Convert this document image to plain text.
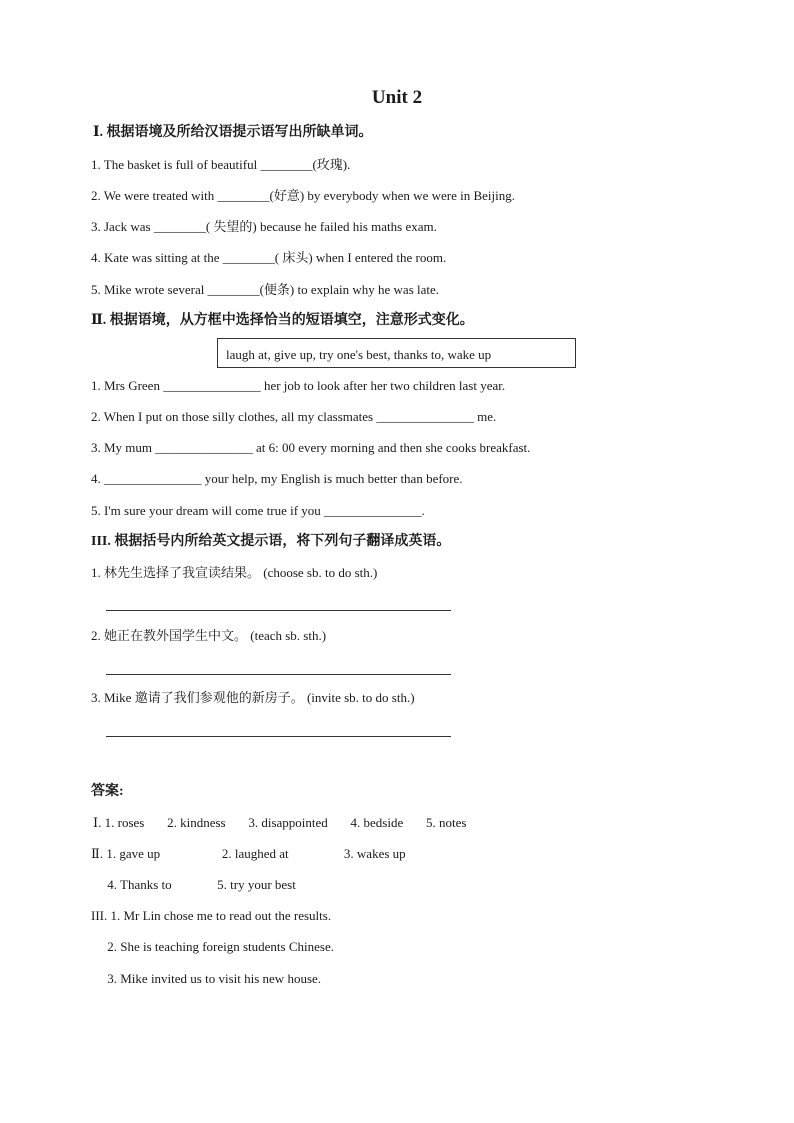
Unit 2
Ⅰ. 根据语境及所给汉语提示语写出所缺单词。
1. The basket is full of beautiful ________(玫瑰).
2. We were treated with ________(好意) by everybody when we were in Beijing.
3. Jack was ________( 失望的) because he failed his maths exam.
4. Kate was sitting at the ________( 床头) when I entered the room.
5. Mike wrote several ________(便条) to explain why he was late.
Ⅱ. 根据语境，从方框中选择恰当的短语填空，注意形式变化。
laugh at, give up, try one's best, thanks to, wake up
1. Mrs Green _______________ her job to look after her two children last year.
2. When I put on those silly clothes, all my classmates _______________ me.
3. My mum _______________ at 6: 00 every morning and then she cooks breakfast.
4. _______________ your help, my English is much better than before.
5. I'm sure your dream will come true if you _______________.
III. 根据括号内所给英文提示语，将下列句子翻译成英语。
1. 林先生选择了我宣读结果。 (choose sb. to do sth.)
2. 她正在教外国学生中文。 (teach sb. sth.)
3. Mike 邀请了我们参观他的新房子。 (invite sb. to do sth.)
答案:
Ⅰ. 1. roses       2. kindness       3. disappointed       4. bedside       5. notes
Ⅱ. 1. gave up                   2. laughed at                 3. wakes up
4. Thanks to              5. try your best
III. 1. Mr Lin chose me to read out the results.
2. She is teaching foreign students Chinese.
3. Mike invited us to visit his new house.
